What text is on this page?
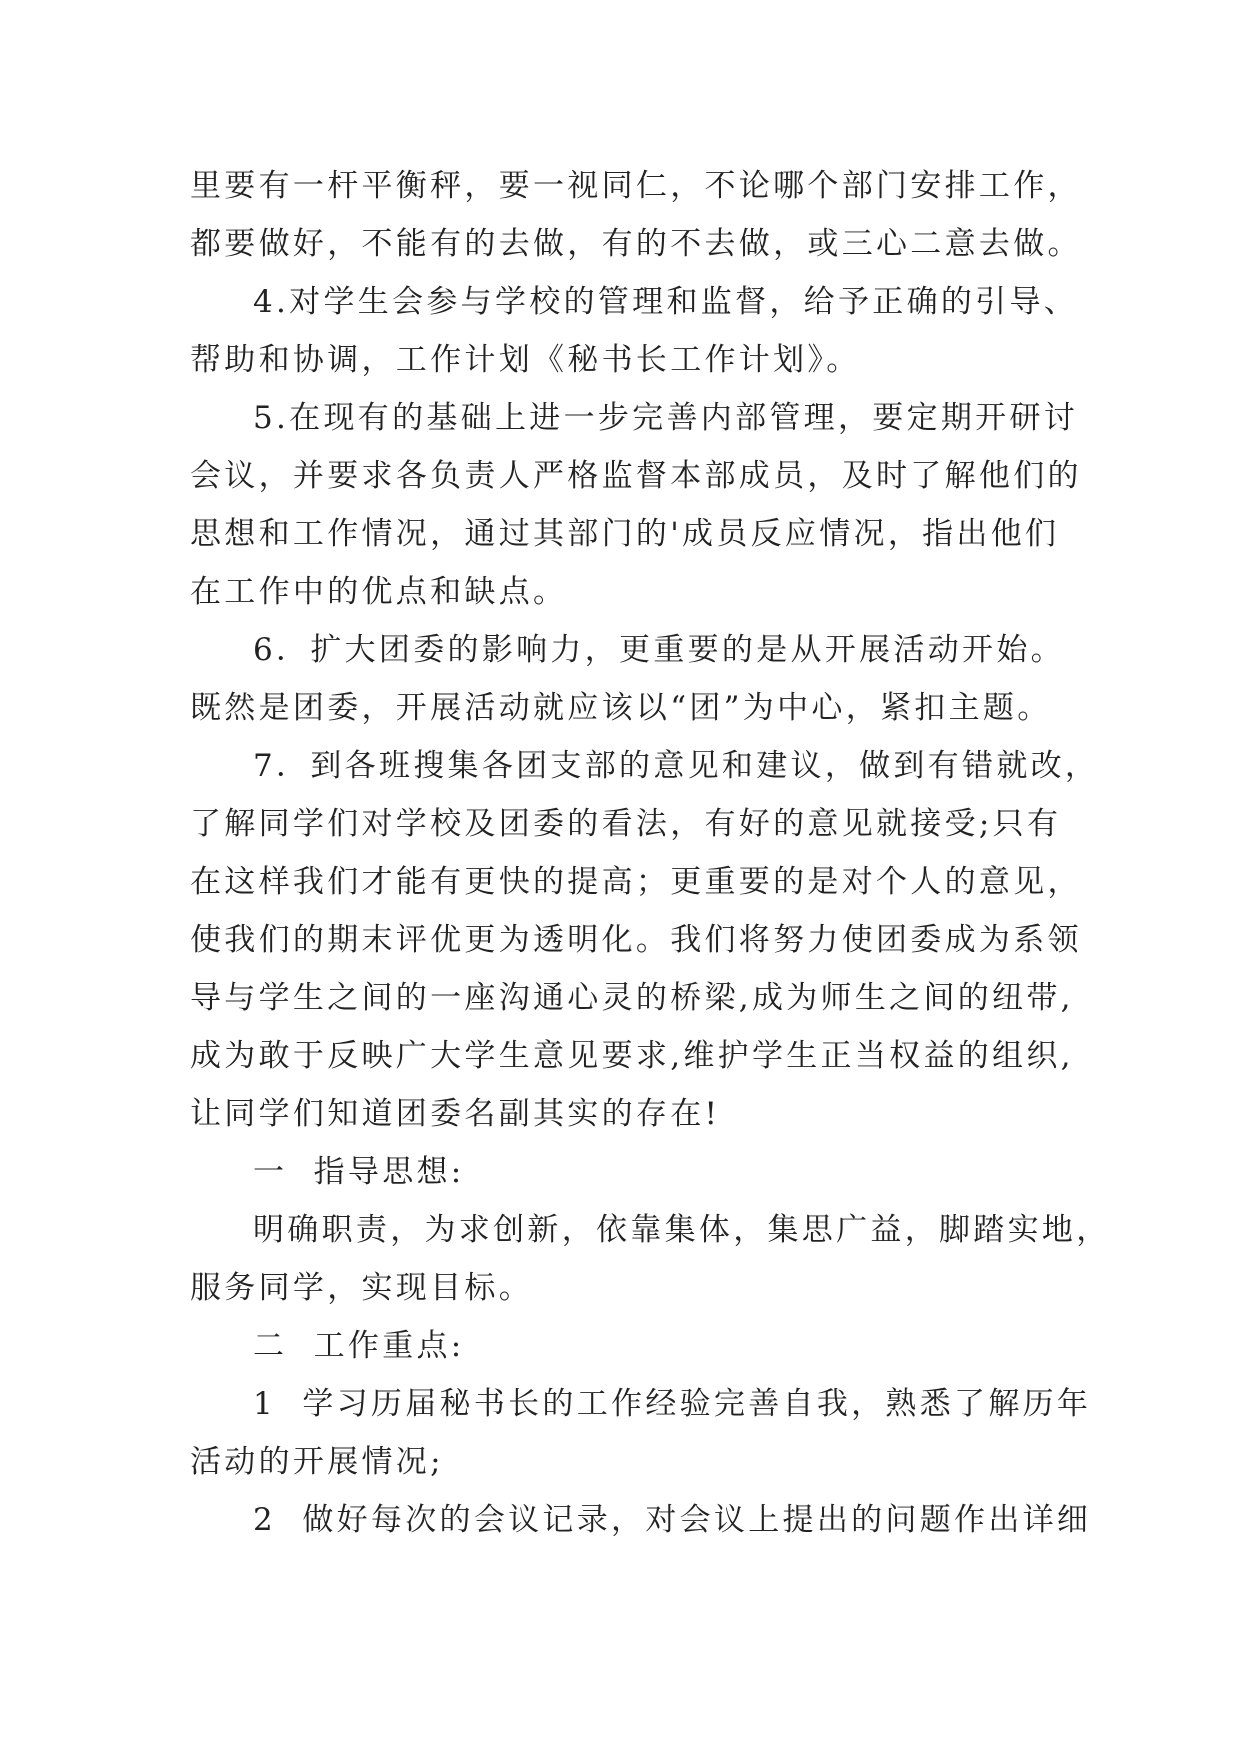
里要有一杆平衡秤，要一视同仁，不论哪个部门安排工作，
都要做好，不能有的去做，有的不去做，或三心二意去做。
4.对学生会参与学校的管理和监督，给予正确的引导、
帮助和协调，工作计划《秘书长工作计划》。
5.在现有的基础上进一步完善内部管理，要定期开研讨
会议，并要求各负责人严格监督本部成员，及时了解他们的
思想和工作情况，通过其部门的'成员反应情况，指出他们
在工作中的优点和缺点。
6．扩大团委的影响力，更重要的是从开展活动开始。
既然是团委，开展活动就应该以“团”为中心，紧扣主题。
7．到各班搜集各团支部的意见和建议，做到有错就改，
了解同学们对学校及团委的看法，有好的意见就接受;只有
在这样我们才能有更快的提高；更重要的是对个人的意见，
使我们的期末评优更为透明化。我们将努力使团委成为系领
导与学生之间的一座沟通心灵的桥梁,成为师生之间的纽带,
成为敢于反映广大学生意见要求,维护学生正当权益的组织,
让同学们知道团委名副其实的存在!
一  指导思想:
明确职责，为求创新，依靠集体，集思广益，脚踏实地，
服务同学，实现目标。
二  工作重点:
1  学习历届秘书长的工作经验完善自我，熟悉了解历年
活动的开展情况;
2  做好每次的会议记录，对会议上提出的问题作出详细
